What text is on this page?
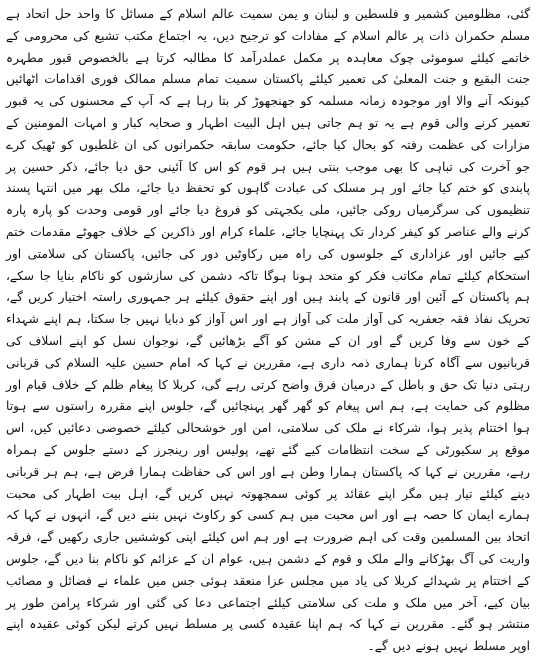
گئی، مظلومین کشمیر و فلسطین و لبنان و یمن سمیت عالم اسلام کے مسائل کا واحد حل اتحاد ہے مسلم حکمران ذات پر عالم اسلام کے مفادات کو ترجیح دیں، یہ اجتماع مکتب تشیع کی محرومی کے خاتمے کیلئے سوموئی چوک معاہدہ پر مکمل عملدرآمد کا مطالبہ کرتا ہے بالخصوص قبور مطہرہ جنت البقیع و جنت المعلیٰ کی تعمیر کیلئے پاکستان سمیت تمام مسلم ممالک فوری اقدامات اٹھائیں کیونکہ آنے والا اور موجودہ زمانہ مسلمہ کو جھنجھوڑ کر بتا رہا ہے کہ آپ کے محسنوں کی یہ قبور تعمیر کرنے والی قوم ہے یہ تو ہم جاتی ہیں اہل البیت اطہار و صحابہ کبار و امہات المومنین کے مزارات کی عظمت رفتہ کو بحال کیا جائے، حکومت سابقہ حکمرانوں کی ان غلطیوں کو ٹھیک کرے جو آخرت کی تباہی کا بھی موجب بنتی ہیں ہر قوم کو اس کا آئینی حق دیا جائے، ذکر حسین پر پابندی کو ختم کیا جائے اور ہر مسلک کی عبادت گاہوں کو تحفظ دیا جائے، ملک بھر میں انتہا پسند تنظیموں کی سرگرمیاں روکی جائیں، ملی یکجہتی کو فروغ دیا جائے اور قومی وحدت کو پارہ پارہ کرنے والے عناصر کو کیفر کردار تک پہنچایا جائے، علماء کرام اور ذاکرین کے خلاف جھوٹے مقدمات ختم کیے جائیں اور عزاداری کے جلوسوں کی راہ میں رکاوٹیں دور کی جائیں، پاکستان کی سلامتی اور استحکام کیلئے تمام مکاتب فکر کو متحد ہونا ہوگا تاکہ دشمن کی سازشوں کو ناکام بنایا جا سکے، ہم پاکستان کے آئین اور قانون کے پابند ہیں اور اپنے حقوق کیلئے ہر جمہوری راستہ اختیار کریں گے، تحریک نفاذ فقہ جعفریہ کی آواز ملت کی آواز ہے اور اس آواز کو دبایا نہیں جا سکتا، ہم اپنے شہداء کے خون سے وفا کریں گے اور ان کے مشن کو آگے بڑھائیں گے، نوجوان نسل کو اپنے اسلاف کی قربانیوں سے آگاہ کرنا ہماری ذمہ داری ہے، مقررین نے کہا کہ امام حسین علیہ السلام کی قربانی رہتی دنیا تک حق و باطل کے درمیان فرق واضح کرتی رہے گی، کربلا کا پیغام ظلم کے خلاف قیام اور مظلوم کی حمایت ہے، ہم اس پیغام کو گھر گھر پہنچائیں گے، جلوس اپنے مقررہ راستوں سے ہوتا ہوا اختتام پذیر ہوا، شرکاء نے ملک کی سلامتی، امن اور خوشحالی کیلئے خصوصی دعائیں کیں، اس موقع پر سکیورٹی کے سخت انتظامات کیے گئے تھے، پولیس اور رینجرز کے دستے جلوس کے ہمراہ رہے، مقررین نے کہا کہ پاکستان ہمارا وطن ہے اور اس کی حفاظت ہمارا فرض ہے، ہم ہر قربانی دینے کیلئے تیار ہیں مگر اپنے عقائد پر کوئی سمجھوتہ نہیں کریں گے، اہل بیت اطہار کی محبت ہمارے ایمان کا حصہ ہے اور اس محبت میں ہم کسی کو رکاوٹ نہیں بننے دیں گے، انہوں نے کہا کہ اتحاد بین المسلمین وقت کی اہم ضرورت ہے اور ہم اس کیلئے اپنی کوششیں جاری رکھیں گے، فرقہ واریت کی آگ بھڑکانے والے ملک و قوم کے دشمن ہیں، عوام ان کے عزائم کو ناکام بنا دیں گے، جلوس کے اختتام پر شہدائے کربلا کی یاد میں مجلس عزا منعقد ہوئی جس میں علماء نے فضائل و مصائب بیان کیے، آخر میں ملک و ملت کی سلامتی کیلئے اجتماعی دعا کی گئی اور شرکاء پرامن طور پر منتشر ہو گئے۔ مقررین نے کہا کہ ہم اپنا عقیدہ کسی پر مسلط نہیں کرتے لیکن کوئی عقیدہ اپنے اوپر مسلط نہیں ہونے دیں گے۔
